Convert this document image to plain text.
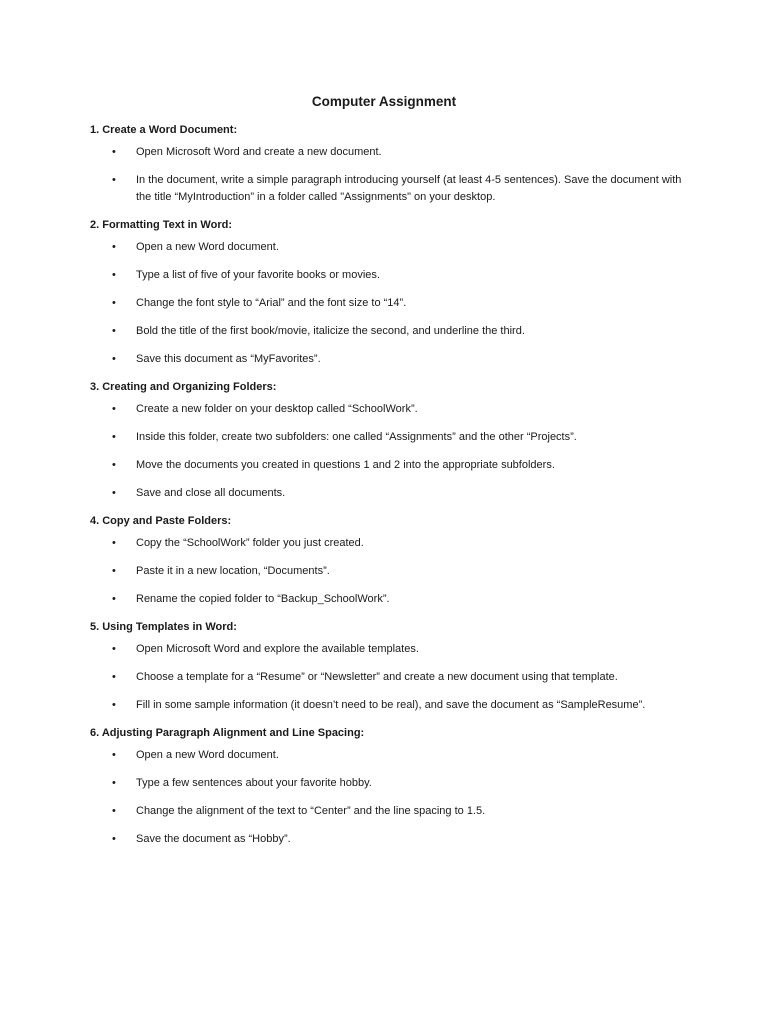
Computer Assignment
1. Create a Word Document:
•	Open Microsoft Word and create a new document.
•	In the document, write a simple paragraph introducing yourself (at least 4-5 sentences). Save the document with the title “MyIntroduction” in a folder called "Assignments" on your desktop.
2. Formatting Text in Word:
•	Open a new Word document.
•	Type a list of five of your favorite books or movies.
•	Change the font style to “Arial” and the font size to “14”.
•	Bold the title of the first book/movie, italicize the second, and underline the third.
•	Save this document as “MyFavorites”.
3. Creating and Organizing Folders:
•	Create a new folder on your desktop called “SchoolWork”.
•	Inside this folder, create two subfolders: one called “Assignments” and the other “Projects”.
•	Move the documents you created in questions 1 and 2 into the appropriate subfolders.
•	Save and close all documents.
4. Copy and Paste Folders:
•	Copy the “SchoolWork” folder you just created.
•	Paste it in a new location, “Documents”.
•	Rename the copied folder to “Backup_SchoolWork”.
5. Using Templates in Word:
•	Open Microsoft Word and explore the available templates.
•	Choose a template for a “Resume” or “Newsletter” and create a new document using that template.
•	Fill in some sample information (it doesn’t need to be real), and save the document as “SampleResume”.
6. Adjusting Paragraph Alignment and Line Spacing:
•	Open a new Word document.
•	Type a few sentences about your favorite hobby.
•	Change the alignment of the text to “Center” and the line spacing to 1.5.
•	Save the document as “Hobby”.
